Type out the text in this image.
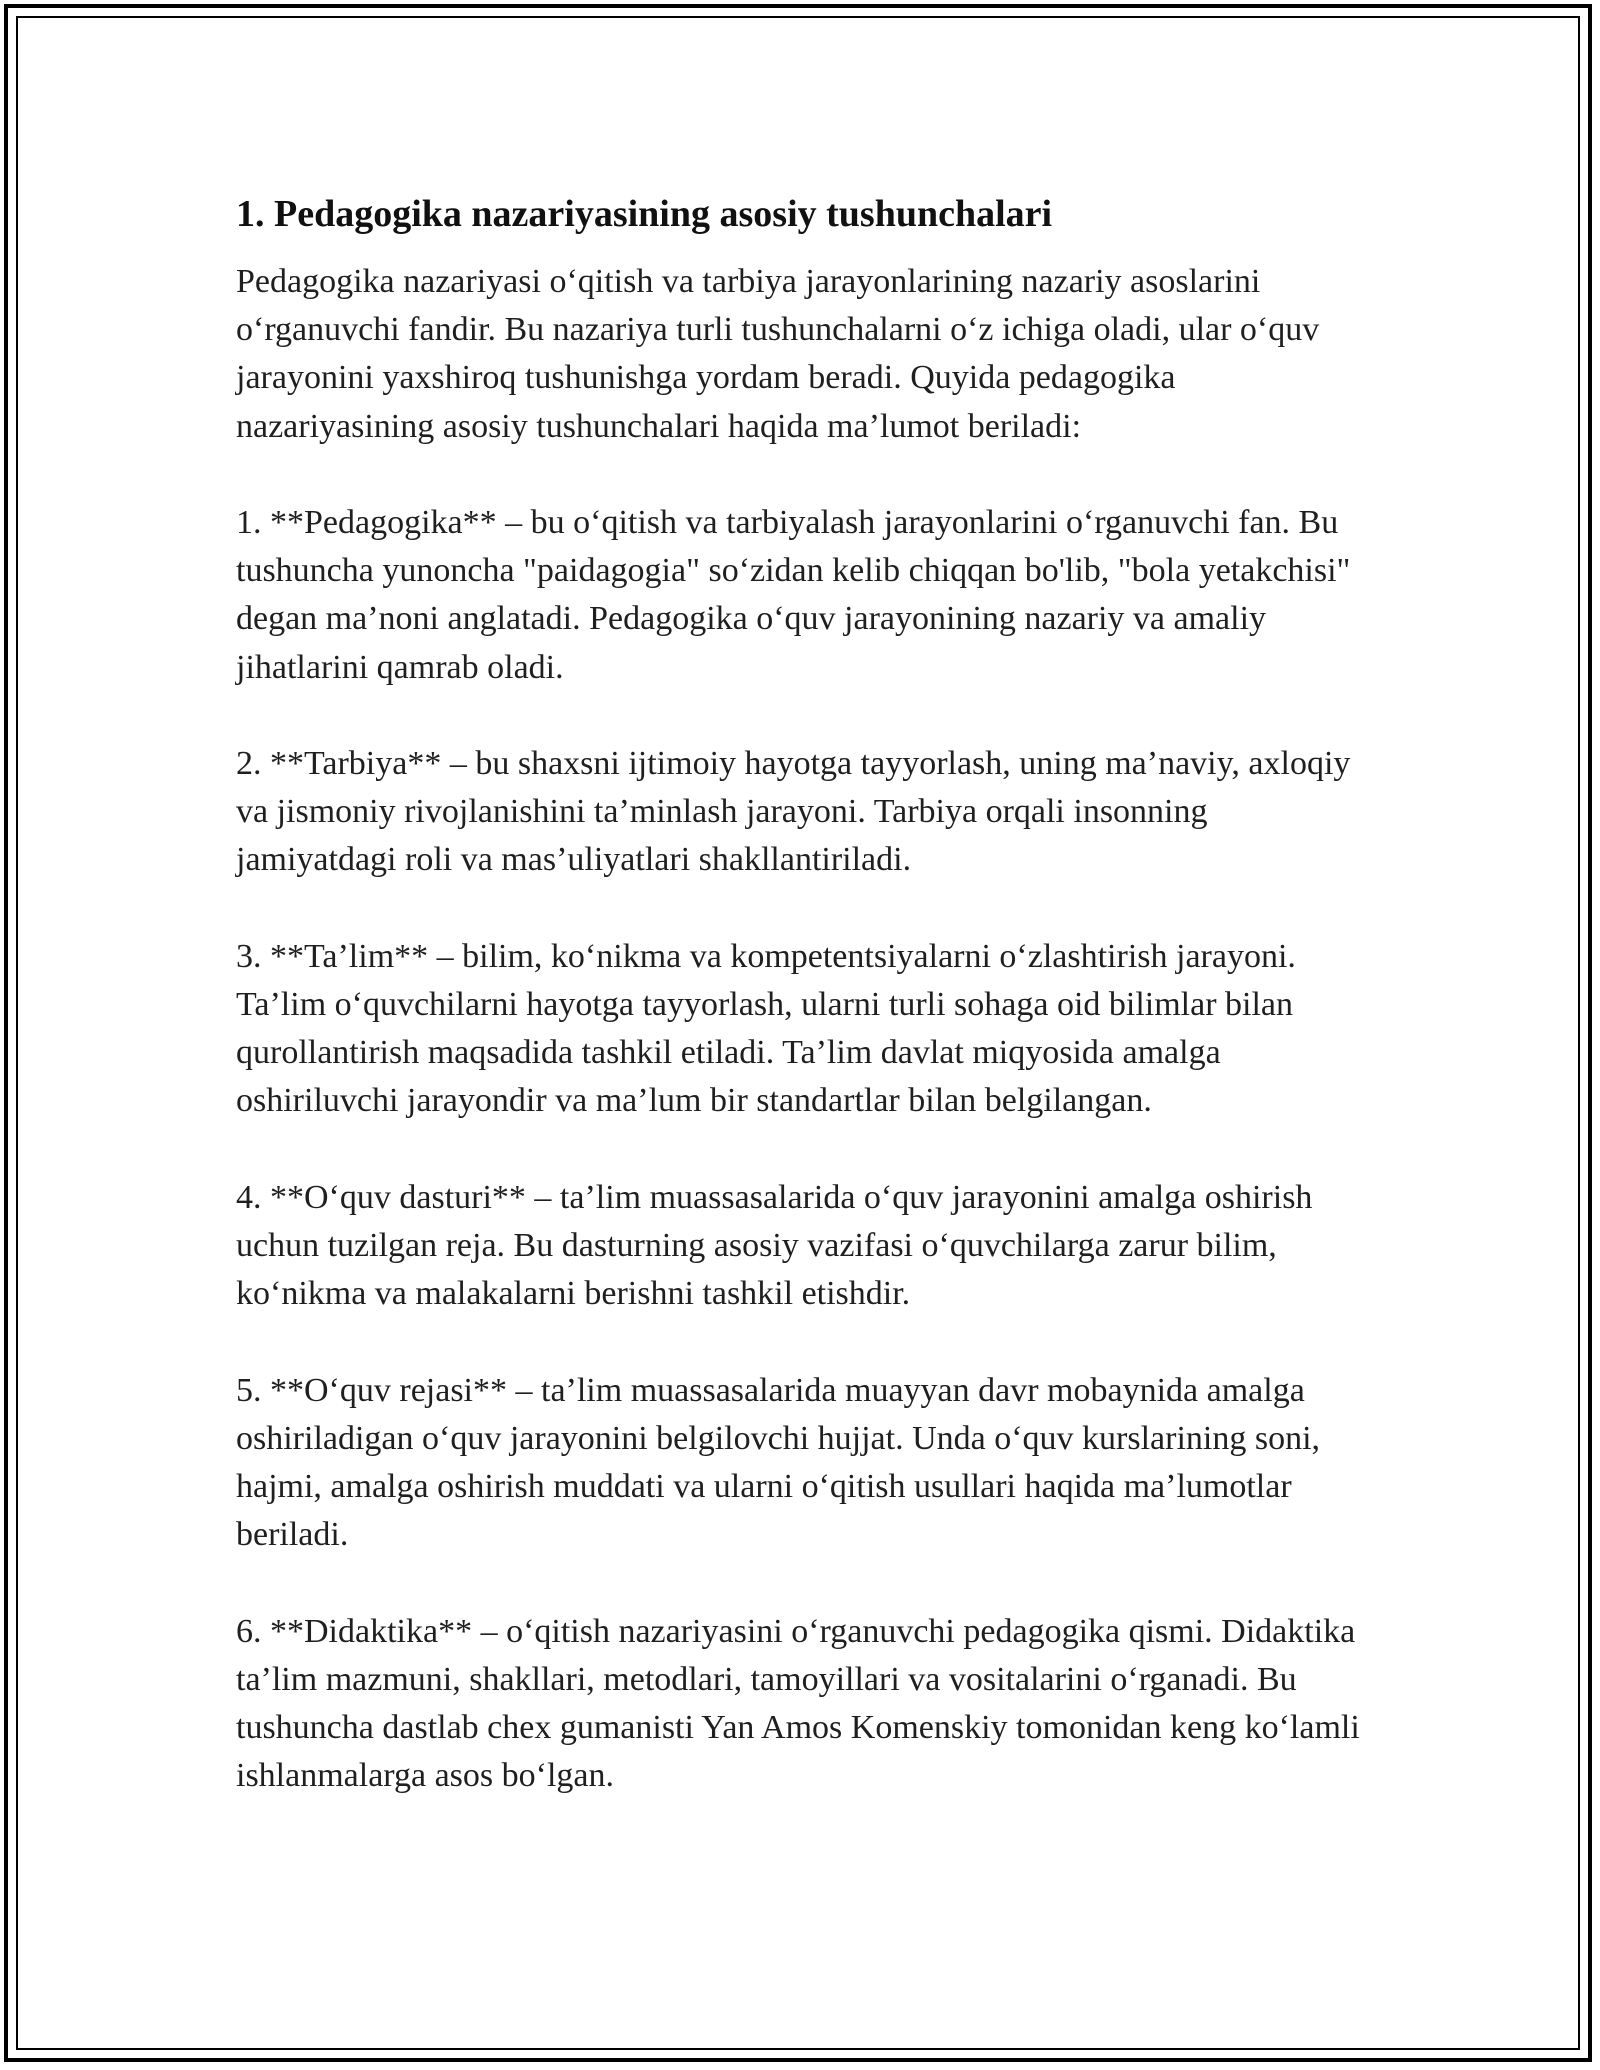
1. Pedagogika nazariyasining asosiy tushunchalari

Pedagogika nazariyasi o‘qitish va tarbiya jarayonlarining nazariy asoslarini o‘rganuvchi fandir. Bu nazariya turli tushunchalarni o‘z ichiga oladi, ular o‘quv jarayonini yaxshiroq tushunishga yordam beradi. Quyida pedagogika nazariyasining asosiy tushunchalari haqida ma’lumot beriladi:

1. **Pedagogika** – bu o‘qitish va tarbiyalash jarayonlarini o‘rganuvchi fan. Bu tushuncha yunoncha "paidagogia" so‘zidan kelib chiqqan bo'lib, "bola yetakchisi" degan ma’noni anglatadi. Pedagogika o‘quv jarayonining nazariy va amaliy jihatlarini qamrab oladi.

2. **Tarbiya** – bu shaxsni ijtimoiy hayotga tayyorlash, uning ma’naviy, axloqiy va jismoniy rivojlanishini ta’minlash jarayoni. Tarbiya orqali insonning jamiyatdagi roli va mas’uliyatlari shakllantiriladi.

3. **Ta’lim** – bilim, ko‘nikma va kompetentsiyalarni o‘zlashtirish jarayoni. Ta’lim o‘quvchilarni hayotga tayyorlash, ularni turli sohaga oid bilimlar bilan qurollantirish maqsadida tashkil etiladi. Ta’lim davlat miqyosida amalga oshiriluvchi jarayondir va ma’lum bir standartlar bilan belgilangan.

4. **O‘quv dasturi** – ta’lim muassasalarida o‘quv jarayonini amalga oshirish uchun tuzilgan reja. Bu dasturning asosiy vazifasi o‘quvchilarga zarur bilim, ko‘nikma va malakalarni berishni tashkil etishdir.

5. **O‘quv rejasi** – ta’lim muassasalarida muayyan davr mobaynida amalga oshiriladigan o‘quv jarayonini belgilovchi hujjat. Unda o‘quv kurslarining soni, hajmi, amalga oshirish muddati va ularni o‘qitish usullari haqida ma’lumotlar beriladi.

6. **Didaktika** – o‘qitish nazariyasini o‘rganuvchi pedagogika qismi. Didaktika ta’lim mazmuni, shakllari, metodlari, tamoyillari va vositalarini o‘rganadi. Bu tushuncha dastlab chex gumanisti Yan Amos Komenskiy tomonidan keng ko‘lamli ishlanmalarga asos bo‘lgan.
